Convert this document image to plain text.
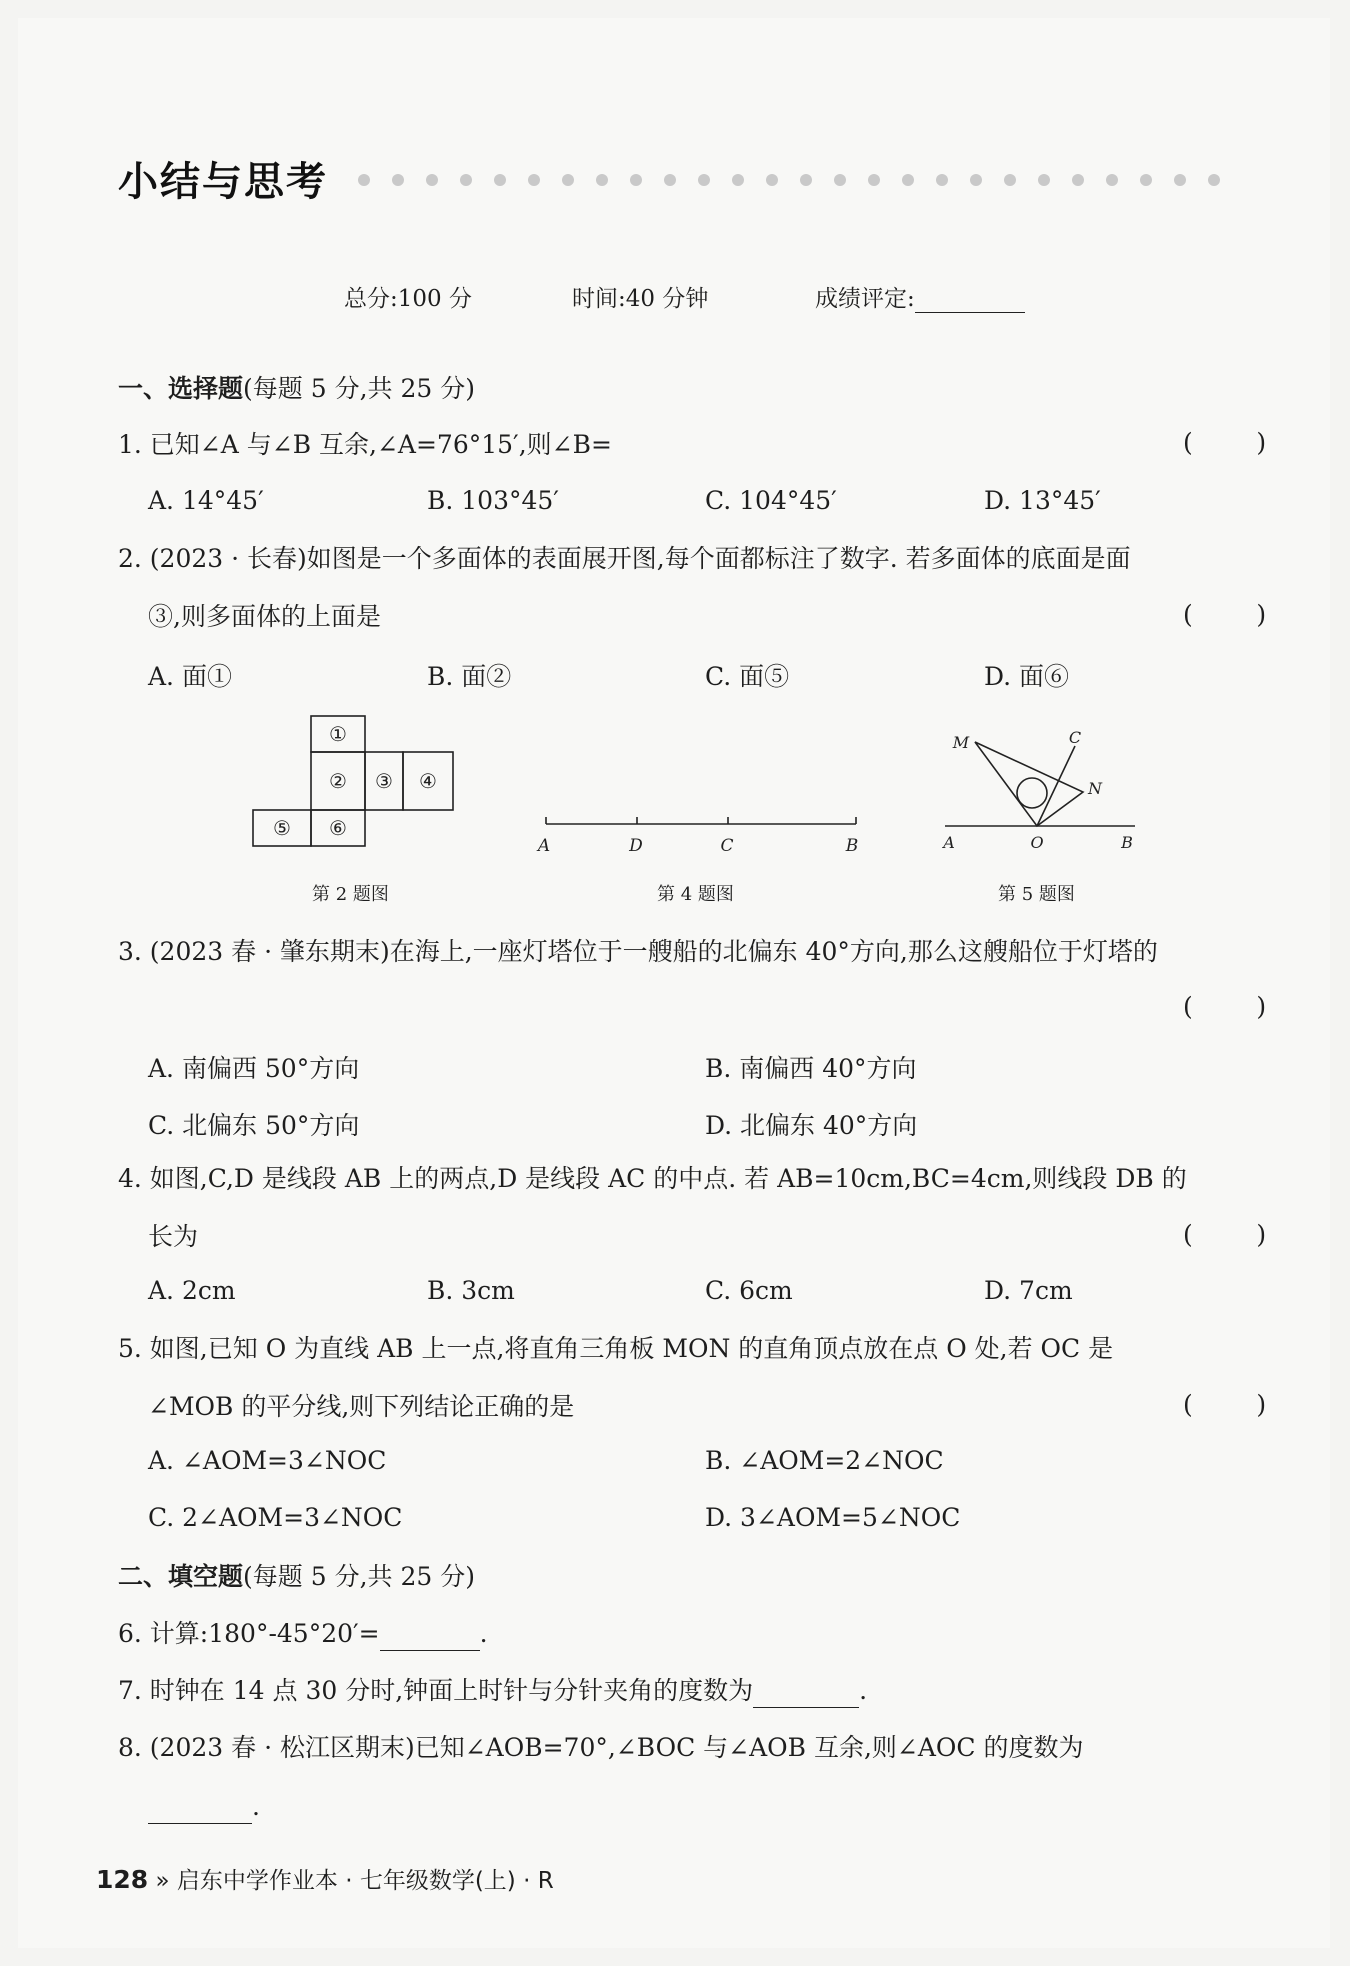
小结与思考
总分:100 分	时间:40 分钟	成绩评定:
一、选择题(每题 5 分,共 25 分)
1. 已知∠A 与∠B 互余,∠A=76°15′,则∠B=	(        )
A. 14°45′	B. 103°45′	C. 104°45′	D. 13°45′
2. (2023 · 长春)如图是一个多面体的表面展开图,每个面都标注了数字. 若多面体的底面是面
③,则多面体的上面是	(        )
A. 面①	B. 面②	C. 面⑤	D. 面⑥
①
② ③ ④
⑤ ⑥
第 2 题图
A	D	C	B
第 4 题图
M	C
N
A	O	B
第 5 题图
3. (2023 春 · 肇东期末)在海上,一座灯塔位于一艘船的北偏东 40°方向,那么这艘船位于灯塔的
(        )
A. 南偏西 50°方向	B. 南偏西 40°方向
C. 北偏东 50°方向	D. 北偏东 40°方向
4. 如图,C,D 是线段 AB 上的两点,D 是线段 AC 的中点. 若 AB=10cm,BC=4cm,则线段 DB 的
长为	(        )
A. 2cm	B. 3cm	C. 6cm	D. 7cm
5. 如图,已知 O 为直线 AB 上一点,将直角三角板 MON 的直角顶点放在点 O 处,若 OC 是
∠MOB 的平分线,则下列结论正确的是	(        )
A. ∠AOM=3∠NOC	B. ∠AOM=2∠NOC
C. 2∠AOM=3∠NOC	D. 3∠AOM=5∠NOC
二、填空题(每题 5 分,共 25 分)
6. 计算:180°-45°20′=	.
7. 时钟在 14 点 30 分时,钟面上时针与分针夹角的度数为	.
8. (2023 春 · 松江区期末)已知∠AOB=70°,∠BOC 与∠AOB 互余,则∠AOC 的度数为
.
128 » 启东中学作业本 · 七年级数学(上) · R
